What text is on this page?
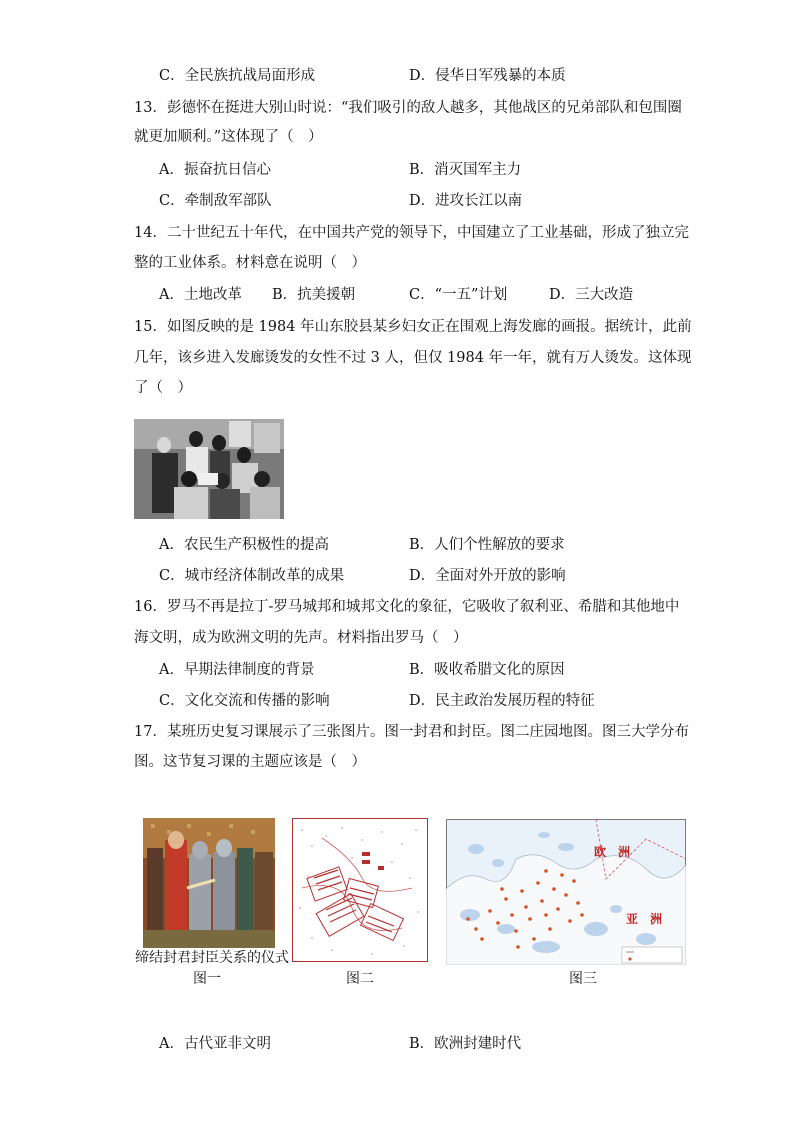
C．全民族抗战局面形成	D．侵华日军残暴的本质
13．彭德怀在挺进大别山时说：“我们吸引的敌人越多，其他战区的兄弟部队和包围圈
就更加顺利。”这体现了（　）
A．振奋抗日信心	B．消灭国军主力
C．牵制敌军部队	D．进攻长江以南
14．二十世纪五十年代，在中国共产党的领导下，中国建立了工业基础，形成了独立完
整的工业体系。材料意在说明（　）
A．土地改革 B．抗美援朝	C．“一五”计划	D．三大改造
15．如图反映的是 1984 年山东胶县某乡妇女正在围观上海发廊的画报。据统计，此前
几年，该乡进入发廊烫发的女性不过 3 人，但仅 1984 年一年，就有万人烫发。这体现
了（　）
A．农民生产积极性的提高	B．人们个性解放的要求
C．城市经济体制改革的成果	D．全面对外开放的影响
16．罗马不再是拉丁-罗马城邦和城邦文化的象征，它吸收了叙利亚、希腊和其他地中
海文明，成为欧洲文明的先声。材料指出罗马（　）
A．早期法律制度的背景	B．吸收希腊文化的原因
C．文化交流和传播的影响	D．民主政治发展历程的特征
17．某班历史复习课展示了三张图片。图一封君和封臣。图二庄园地图。图三大学分布
图。这节复习课的主题应该是（　）
缔结封君封臣关系的仪式
欧　洲
亚　洲
图一	图二	图三
A．古代亚非文明	B．欧洲封建时代
